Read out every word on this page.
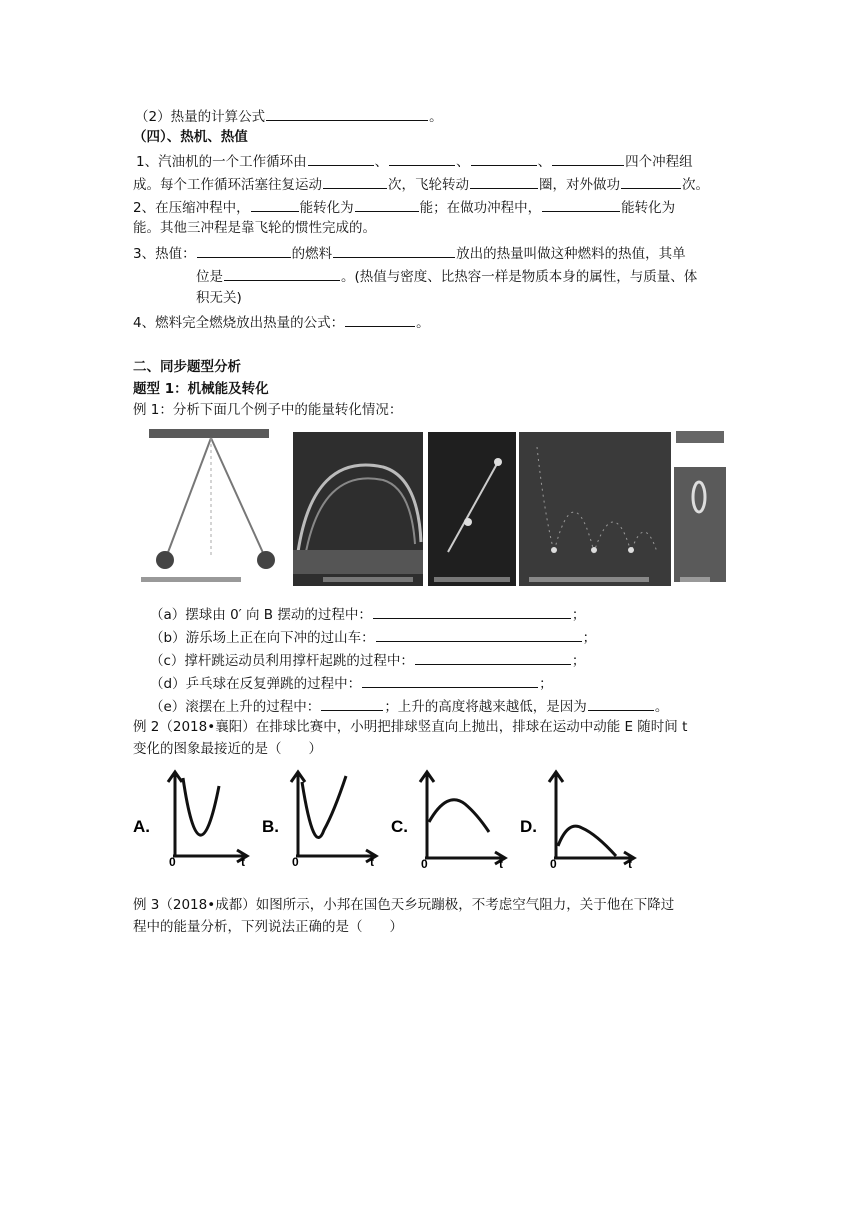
（2）热量的计算公式	。
（四）、热机、热值
1、汽油机的一个工作循环由	、	、	、	四个冲程组
成。每个工作循环活塞往复运动	次，飞轮转动	圈，对外做功	次。
2、在压缩冲程中，	能转化为	能；在做功冲程中，	能转化为
能。其他三冲程是靠飞轮的惯性完成的。
3、热值：	的燃料	放出的热量叫做这种燃料的热值，其单
位是	。(热值与密度、比热容一样是物质本身的属性，与质量、体
积无关)
4、燃料完全燃烧放出热量的公式：	。
二、同步题型分析
题型 1：机械能及转化
例 1：分析下面几个例子中的能量转化情况：
（a）摆球由 0′ 向 B 摆动的过程中：	；
（b）游乐场上正在向下冲的过山车：	；
（c）撑杆跳运动员利用撑杆起跳的过程中：	；
（d）乒乓球在反复弹跳的过程中：	；
（e）滚摆在上升的过程中：	；上升的高度将越来越低，是因为	。
例 2（2018•襄阳）在排球比赛中，小明把排球竖直向上抛出，排球在运动中动能 E 随时间 t
变化的图象最接近的是（　　）
A.
0	t
B.
0	t
C.
0	t
D.
0	t
例 3（2018•成都）如图所示，小邦在国色天乡玩蹦极，不考虑空气阻力，关于他在下降过
程中的能量分析，下列说法正确的是（　　）
